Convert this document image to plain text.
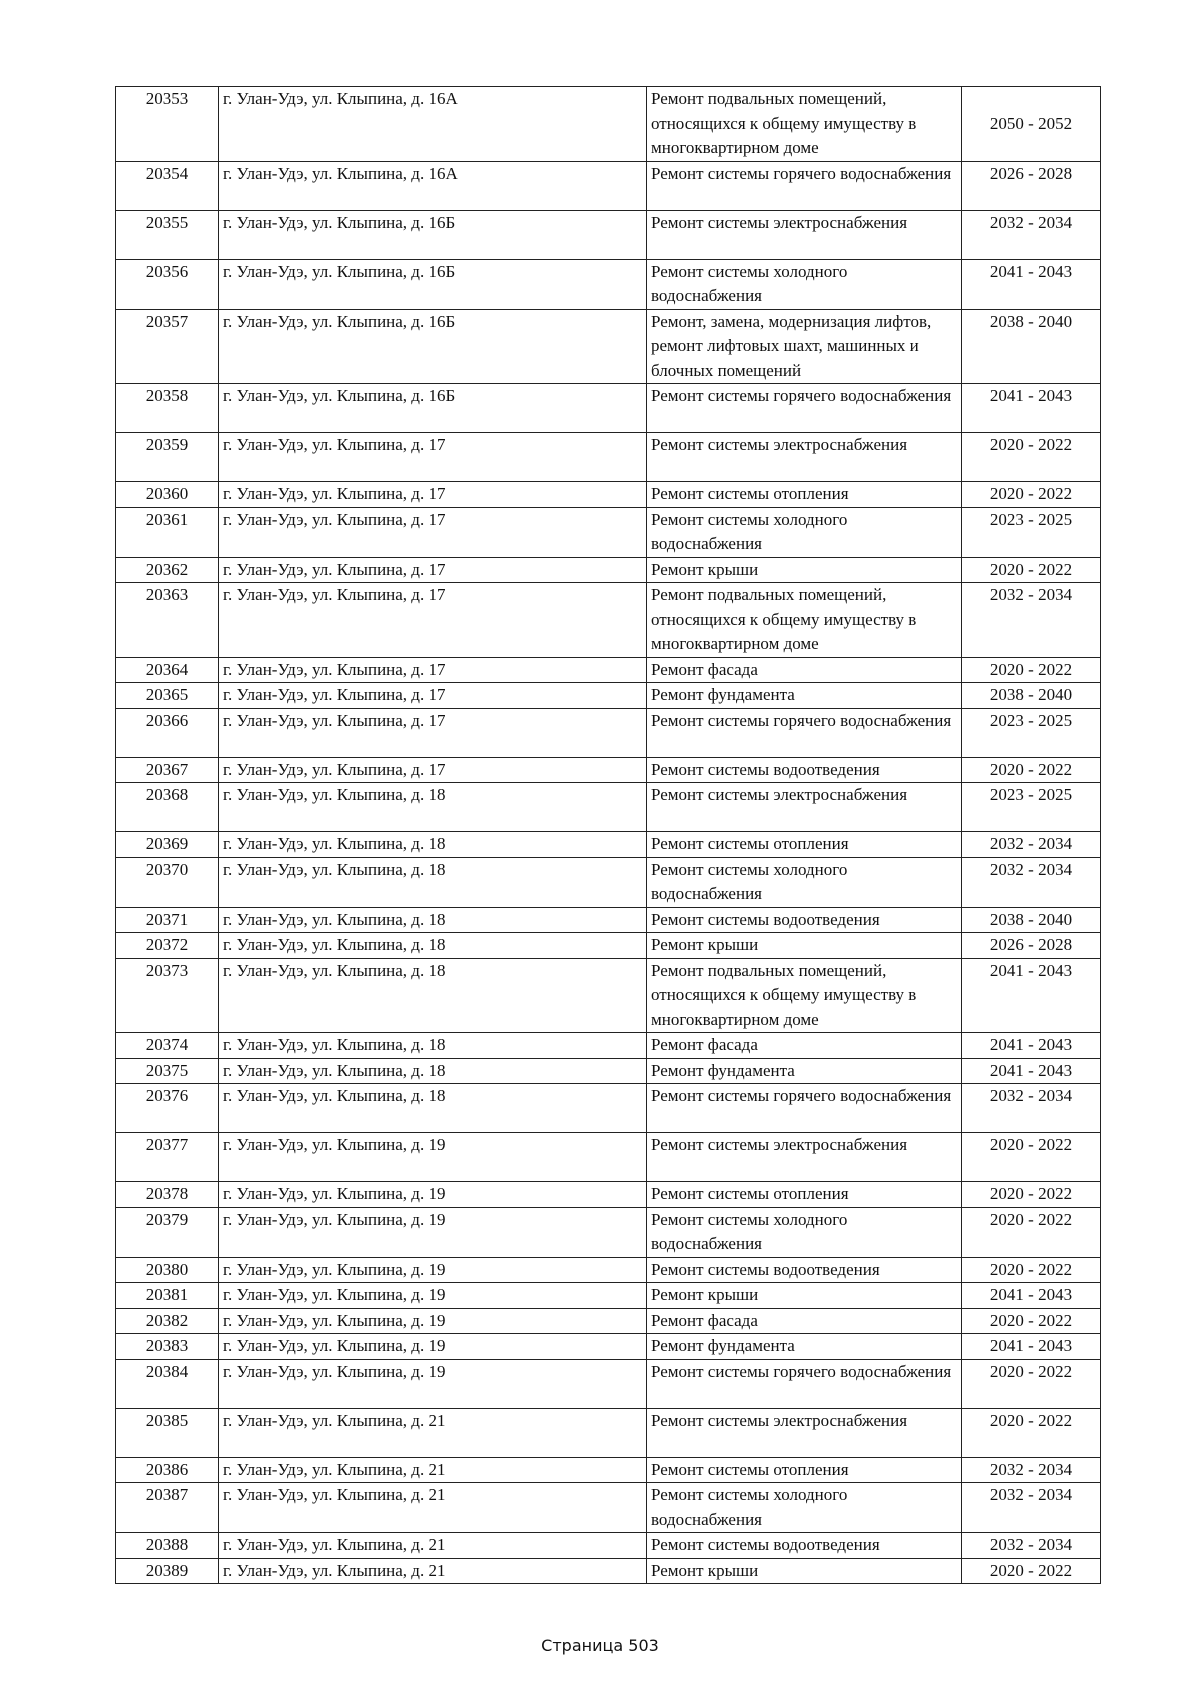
20353	г. Улан-Удэ, ул. Клыпина, д. 16А	Ремонт подвальных помещений, относящихся к общему имуществу в многоквартирном доме	2050 - 2052
20354	г. Улан-Удэ, ул. Клыпина, д. 16А	Ремонт системы горячего водоснабжения	2026 - 2028
20355	г. Улан-Удэ, ул. Клыпина, д. 16Б	Ремонт системы электроснабжения	2032 - 2034
20356	г. Улан-Удэ, ул. Клыпина, д. 16Б	Ремонт системы холодного водоснабжения	2041 - 2043
20357	г. Улан-Удэ, ул. Клыпина, д. 16Б	Ремонт, замена, модернизация лифтов, ремонт лифтовых шахт, машинных и блочных помещений	2038 - 2040
20358	г. Улан-Удэ, ул. Клыпина, д. 16Б	Ремонт системы горячего водоснабжения	2041 - 2043
20359	г. Улан-Удэ, ул. Клыпина, д. 17	Ремонт системы электроснабжения	2020 - 2022
20360	г. Улан-Удэ, ул. Клыпина, д. 17	Ремонт системы отопления	2020 - 2022
20361	г. Улан-Удэ, ул. Клыпина, д. 17	Ремонт системы холодного водоснабжения	2023 - 2025
20362	г. Улан-Удэ, ул. Клыпина, д. 17	Ремонт крыши	2020 - 2022
20363	г. Улан-Удэ, ул. Клыпина, д. 17	Ремонт подвальных помещений, относящихся к общему имуществу в многоквартирном доме	2032 - 2034
20364	г. Улан-Удэ, ул. Клыпина, д. 17	Ремонт фасада	2020 - 2022
20365	г. Улан-Удэ, ул. Клыпина, д. 17	Ремонт фундамента	2038 - 2040
20366	г. Улан-Удэ, ул. Клыпина, д. 17	Ремонт системы горячего водоснабжения	2023 - 2025
20367	г. Улан-Удэ, ул. Клыпина, д. 17	Ремонт системы водоотведения	2020 - 2022
20368	г. Улан-Удэ, ул. Клыпина, д. 18	Ремонт системы электроснабжения	2023 - 2025
20369	г. Улан-Удэ, ул. Клыпина, д. 18	Ремонт системы отопления	2032 - 2034
20370	г. Улан-Удэ, ул. Клыпина, д. 18	Ремонт системы холодного водоснабжения	2032 - 2034
20371	г. Улан-Удэ, ул. Клыпина, д. 18	Ремонт системы водоотведения	2038 - 2040
20372	г. Улан-Удэ, ул. Клыпина, д. 18	Ремонт крыши	2026 - 2028
20373	г. Улан-Удэ, ул. Клыпина, д. 18	Ремонт подвальных помещений, относящихся к общему имуществу в многоквартирном доме	2041 - 2043
20374	г. Улан-Удэ, ул. Клыпина, д. 18	Ремонт фасада	2041 - 2043
20375	г. Улан-Удэ, ул. Клыпина, д. 18	Ремонт фундамента	2041 - 2043
20376	г. Улан-Удэ, ул. Клыпина, д. 18	Ремонт системы горячего водоснабжения	2032 - 2034
20377	г. Улан-Удэ, ул. Клыпина, д. 19	Ремонт системы электроснабжения	2020 - 2022
20378	г. Улан-Удэ, ул. Клыпина, д. 19	Ремонт системы отопления	2020 - 2022
20379	г. Улан-Удэ, ул. Клыпина, д. 19	Ремонт системы холодного водоснабжения	2020 - 2022
20380	г. Улан-Удэ, ул. Клыпина, д. 19	Ремонт системы водоотведения	2020 - 2022
20381	г. Улан-Удэ, ул. Клыпина, д. 19	Ремонт крыши	2041 - 2043
20382	г. Улан-Удэ, ул. Клыпина, д. 19	Ремонт фасада	2020 - 2022
20383	г. Улан-Удэ, ул. Клыпина, д. 19	Ремонт фундамента	2041 - 2043
20384	г. Улан-Удэ, ул. Клыпина, д. 19	Ремонт системы горячего водоснабжения	2020 - 2022
20385	г. Улан-Удэ, ул. Клыпина, д. 21	Ремонт системы электроснабжения	2020 - 2022
20386	г. Улан-Удэ, ул. Клыпина, д. 21	Ремонт системы отопления	2032 - 2034
20387	г. Улан-Удэ, ул. Клыпина, д. 21	Ремонт системы холодного водоснабжения	2032 - 2034
20388	г. Улан-Удэ, ул. Клыпина, д. 21	Ремонт системы водоотведения	2032 - 2034
20389	г. Улан-Удэ, ул. Клыпина, д. 21	Ремонт крыши	2020 - 2022
Страница 503
